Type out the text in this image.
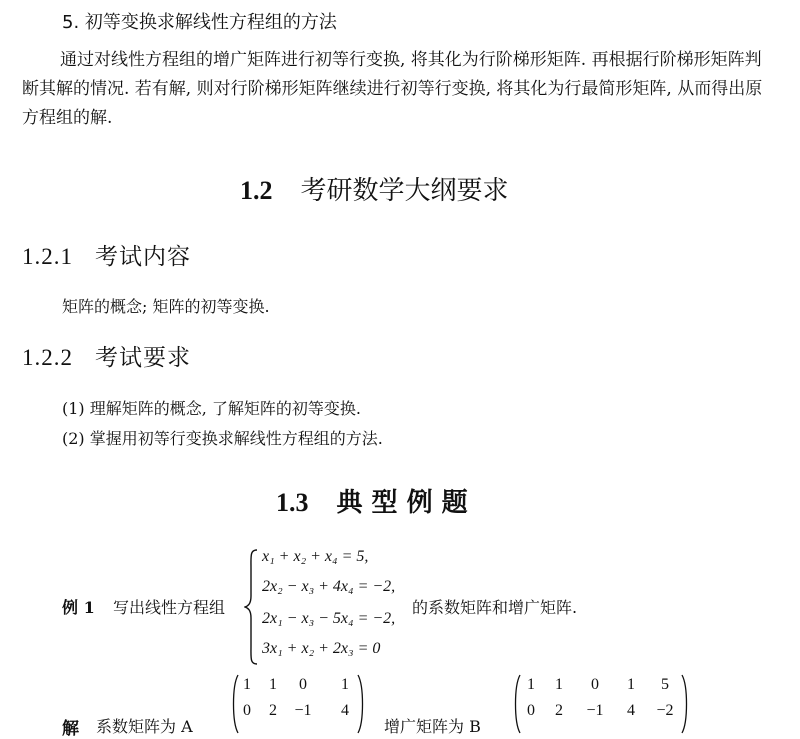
5. 初等变换求解线性方程组的方法

通过对线性方程组的增广矩阵进行初等行变换, 将其化为行阶梯形矩阵. 再根据行阶梯形矩阵判断其解的情况. 若有解, 则对行阶梯形矩阵继续进行初等行变换, 将其化为行最简形矩阵, 从而得出原方程组的解.

1.2 考研数学大纲要求
1.2.1 考试内容
矩阵的概念; 矩阵的初等变换.
1.2.2 考试要求
(1) 理解矩阵的概念, 了解矩阵的初等变换.
(2) 掌握用初等行变换求解线性方程组的方法.
1.3 典 型 例 题
例 1 写出线性方程组
x₁ + x₂ + x₄ = 5,
2x₂ − x₃ + 4x₄ = −2,
2x₁ − x₃ − 5x₄ = −2,
3x₁ + x₂ + 2x₃ = 0
的系数矩阵和增广矩阵.
解 系数矩阵为 A
1	1	0	1
0	2	−1	4
增广矩阵为 B
1	1	0	1	5
0	2	−1	4	−2
